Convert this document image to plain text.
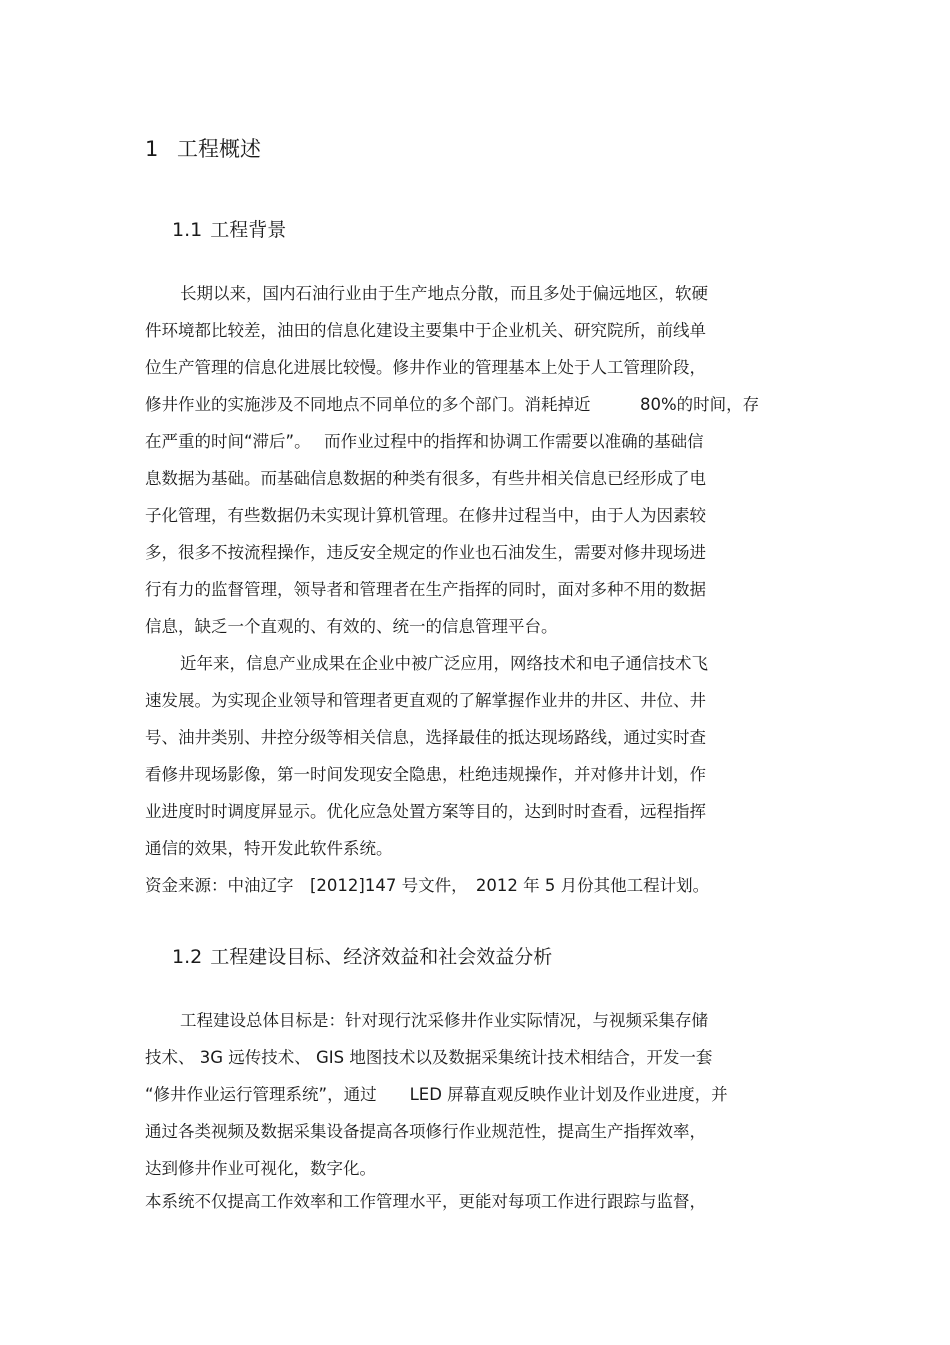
1 工程概述
1.1 工程背景
长期以来，国内石油行业由于生产地点分散，而且多处于偏远地区，软硬
件环境都比较差，油田的信息化建设主要集中于企业机关、研究院所，前线单
位生产管理的信息化进展比较慢。修井作业的管理基本上处于人工管理阶段，
修井作业的实施涉及不同地点不同单位的多个部门。消耗掉近　　　80%的时间，存
在严重的时间“滞后”。　 而作业过程中的指挥和协调工作需要以准确的基础信
息数据为基础。而基础信息数据的种类有很多，有些井相关信息已经形成了电
子化管理，有些数据仍未实现计算机管理。在修井过程当中，由于人为因素较
多，很多不按流程操作，违反安全规定的作业也石油发生，需要对修井现场进
行有力的监督管理，领导者和管理者在生产指挥的同时，面对多种不用的数据
信息，缺乏一个直观的、有效的、统一的信息管理平台。
近年来，信息产业成果在企业中被广泛应用，网络技术和电子通信技术飞
速发展。为实现企业领导和管理者更直观的了解掌握作业井的井区、井位、井
号、油井类别、井控分级等相关信息，选择最佳的抵达现场路线，通过实时查
看修井现场影像，第一时间发现安全隐患，杜绝违规操作，并对修井计划，作
业进度时时调度屏显示。优化应急处置方案等目的，达到时时查看，远程指挥
通信的效果，特开发此软件系统。
资金来源：中油辽字　[2012]147 号文件，　2012 年 5 月份其他工程计划。
1.2 工程建设目标、经济效益和社会效益分析
工程建设总体目标是：针对现行沈采修井作业实际情况，与视频采集存储
技术、 3G 远传技术、 GIS 地图技术以及数据采集统计技术相结合，开发一套
“修井作业运行管理系统”，通过　　LED 屏幕直观反映作业计划及作业进度，并
通过各类视频及数据采集设备提高各项修行作业规范性，提高生产指挥效率，
达到修井作业可视化，数字化。
本系统不仅提高工作效率和工作管理水平，更能对每项工作进行跟踪与监督，
